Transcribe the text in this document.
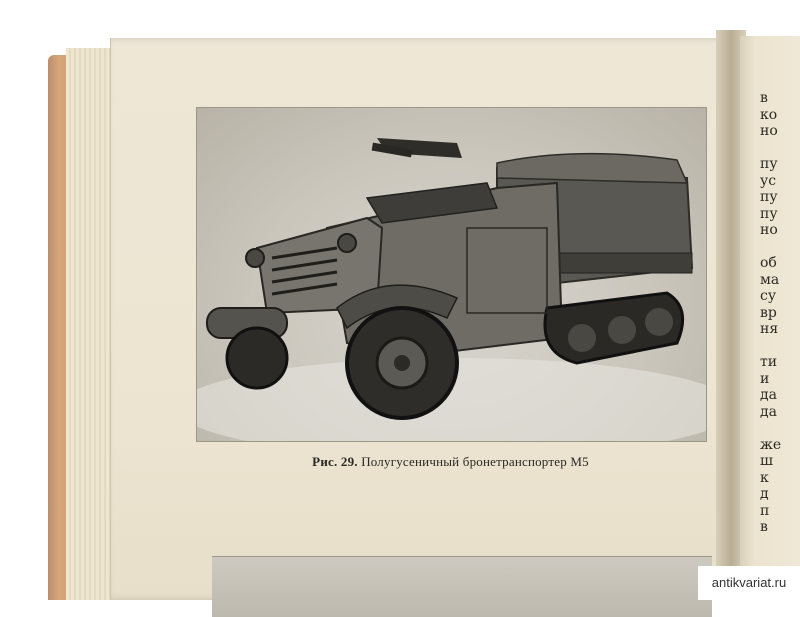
в
ко
но

пу
ус
пу
пу
но

об
ма
су
вр
ня

ти
и
да
да

же
ш
к
д
п
в
Рис. 29. Полугусеничный бронетранспортер М5
antikvariat.ru
